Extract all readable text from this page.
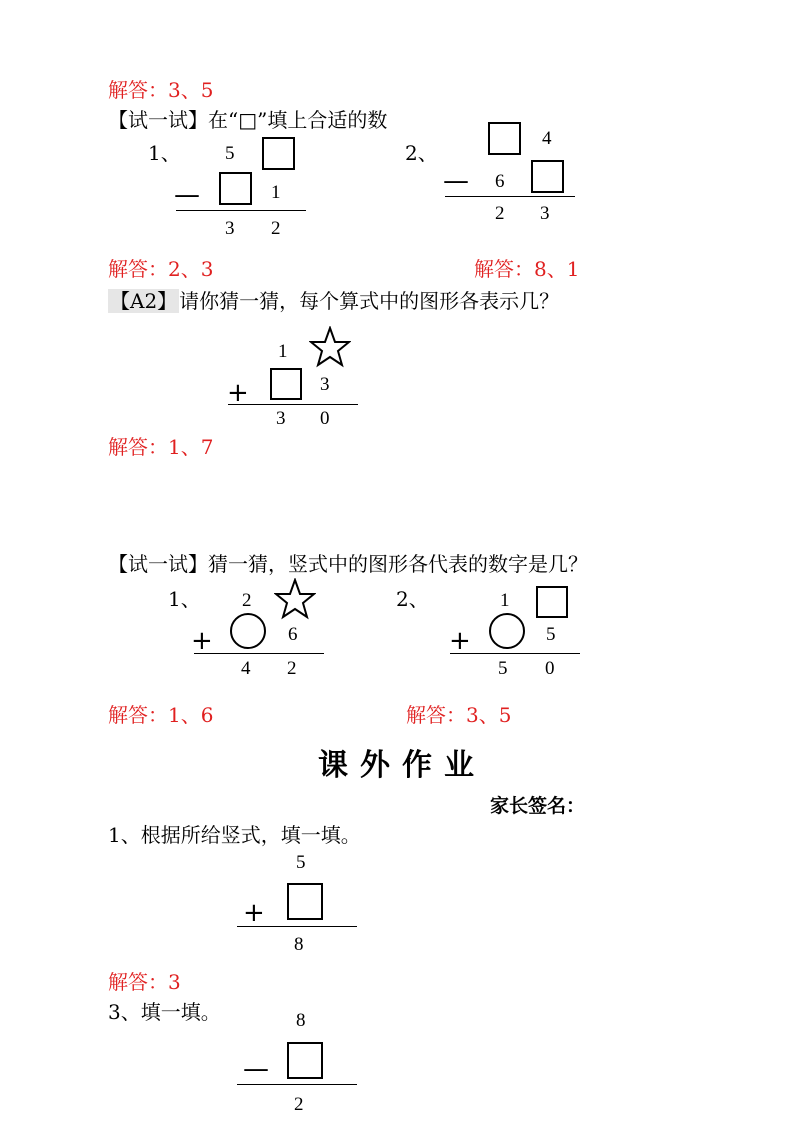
解答：3、5
【试一试】在“□”填上合适的数
1、 5
—	1
3 2
2、
4
— 6
2 3
解答：2、3	解答：8、1
【A2】 请你猜一猜，每个算式中的图形各表示几？
1
+	3
3 0
解答：1、7
【试一试】猜一猜，竖式中的图形各代表的数字是几？
1、 2
+	6
4 2
2、	1
+	5
5 0
解答：1、6	解答：3、5
课外作业
家长签名：
1、根据所给竖式，填一填。
5
+
8
解答：3
3、填一填。	8
—
2
